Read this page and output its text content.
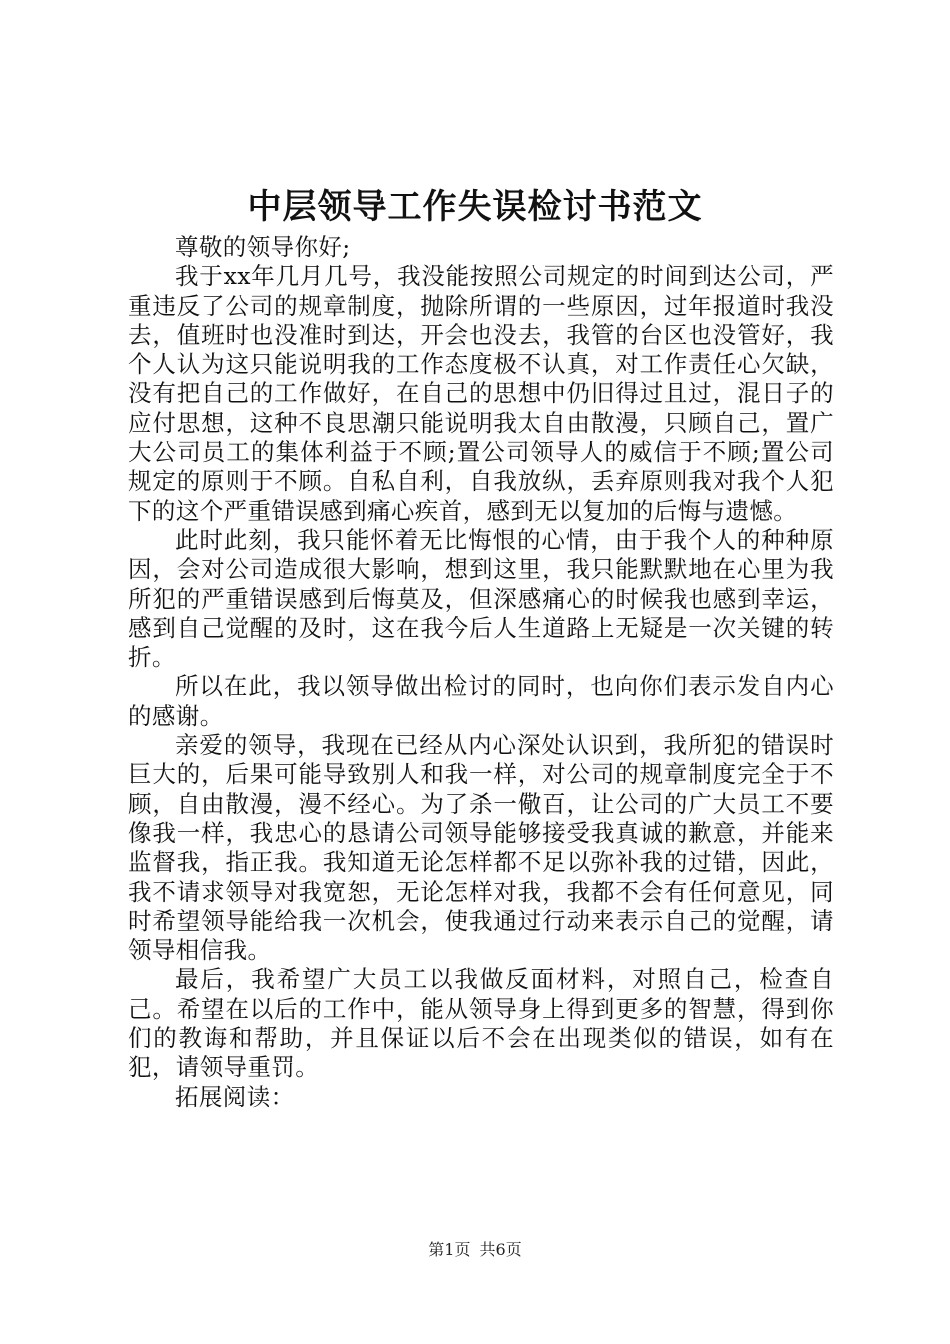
中层领导工作失误检讨书范文

尊敬的领导你好;

我于xx年几月几号，我没能按照公司规定的时间到达公司，严重违反了公司的规章制度，抛除所谓的一些原因，过年报道时我没去，值班时也没准时到达，开会也没去，我管的台区也没管好，我个人认为这只能说明我的工作态度极不认真，对工作责任心欠缺，没有把自己的工作做好，在自己的思想中仍旧得过且过，混日子的应付思想，这种不良思潮只能说明我太自由散漫，只顾自己，置广大公司员工的集体利益于不顾;置公司领导人的威信于不顾;置公司规定的原则于不顾。自私自利，自我放纵，丢弃原则我对我个人犯下的这个严重错误感到痛心疾首，感到无以复加的后悔与遗憾。

此时此刻，我只能怀着无比悔恨的心情，由于我个人的种种原因，会对公司造成很大影响，想到这里，我只能默默地在心里为我所犯的严重错误感到后悔莫及，但深感痛心的时候我也感到幸运，感到自己觉醒的及时，这在我今后人生道路上无疑是一次关键的转折。

所以在此，我以领导做出检讨的同时，也向你们表示发自内心的感谢。

亲爱的领导，我现在已经从内心深处认识到，我所犯的错误时巨大的，后果可能导致别人和我一样，对公司的规章制度完全于不顾，自由散漫，漫不经心。为了杀一儆百，让公司的广大员工不要像我一样，我忠心的恳请公司领导能够接受我真诚的歉意，并能来监督我，指正我。我知道无论怎样都不足以弥补我的过错，因此，我不请求领导对我宽恕，无论怎样对我，我都不会有任何意见，同时希望领导能给我一次机会，使我通过行动来表示自己的觉醒，请领导相信我。

最后，我希望广大员工以我做反面材料，对照自己，检查自己。希望在以后的工作中，能从领导身上得到更多的智慧，得到你们的教诲和帮助，并且保证以后不会在出现类似的错误，如有在犯，请领导重罚。

拓展阅读：

第1页 共6页
